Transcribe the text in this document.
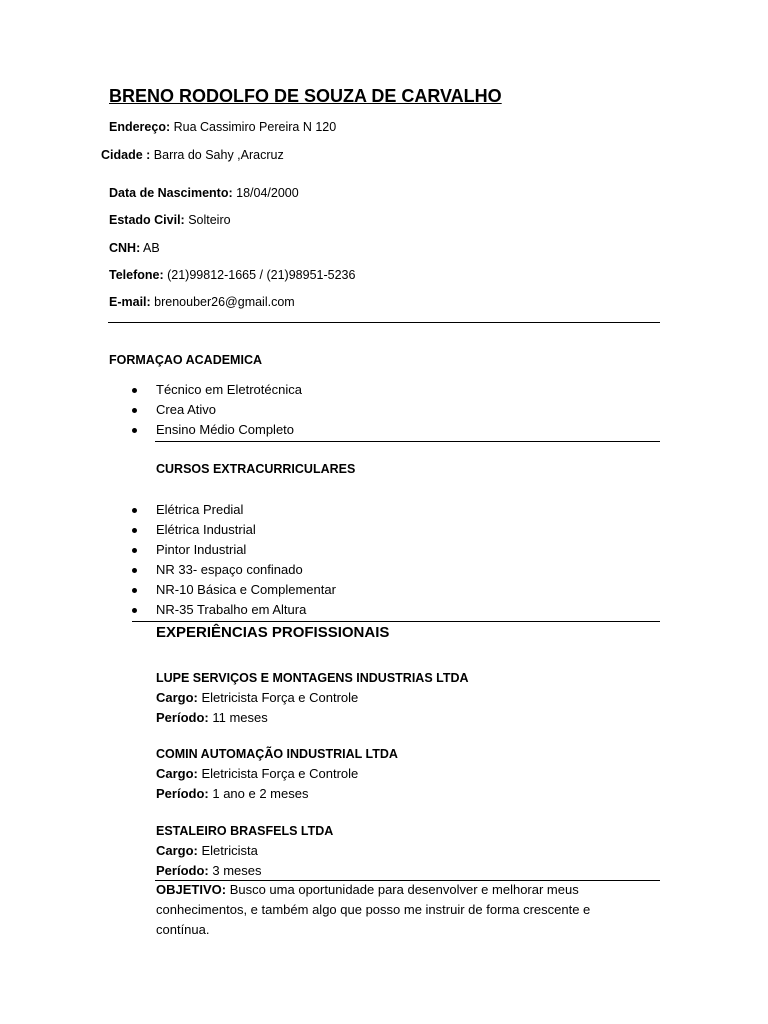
BRENO RODOLFO DE SOUZA DE CARVALHO
Endereço: Rua Cassimiro Pereira N 120
Cidade : Barra do Sahy ,Aracruz
Data de Nascimento: 18/04/2000
Estado Civil: Solteiro
CNH: AB
Telefone: (21)99812-1665 / (21)98951-5236
E-mail: brenouber26@gmail.com
FORMAÇAO ACADEMICA
Técnico em Eletrotécnica
Crea Ativo
Ensino Médio Completo
CURSOS EXTRACURRICULARES
Elétrica Predial
Elétrica Industrial
Pintor Industrial
NR 33- espaço confinado
NR-10 Básica e Complementar
NR-35 Trabalho em Altura
EXPERIÊNCIAS PROFISSIONAIS
LUPE SERVIÇOS E MONTAGENS INDUSTRIAS LTDA
Cargo: Eletricista Força e Controle
Período: 11 meses
COMIN AUTOMAÇÃO INDUSTRIAL LTDA
Cargo: Eletricista Força e Controle
Período: 1 ano e 2 meses
ESTALEIRO BRASFELS LTDA
Cargo: Eletricista
Período: 3 meses
OBJETIVO: Busco uma oportunidade para desenvolver e melhorar meus conhecimentos, e também algo que posso me instruir de forma crescente e contínua.
